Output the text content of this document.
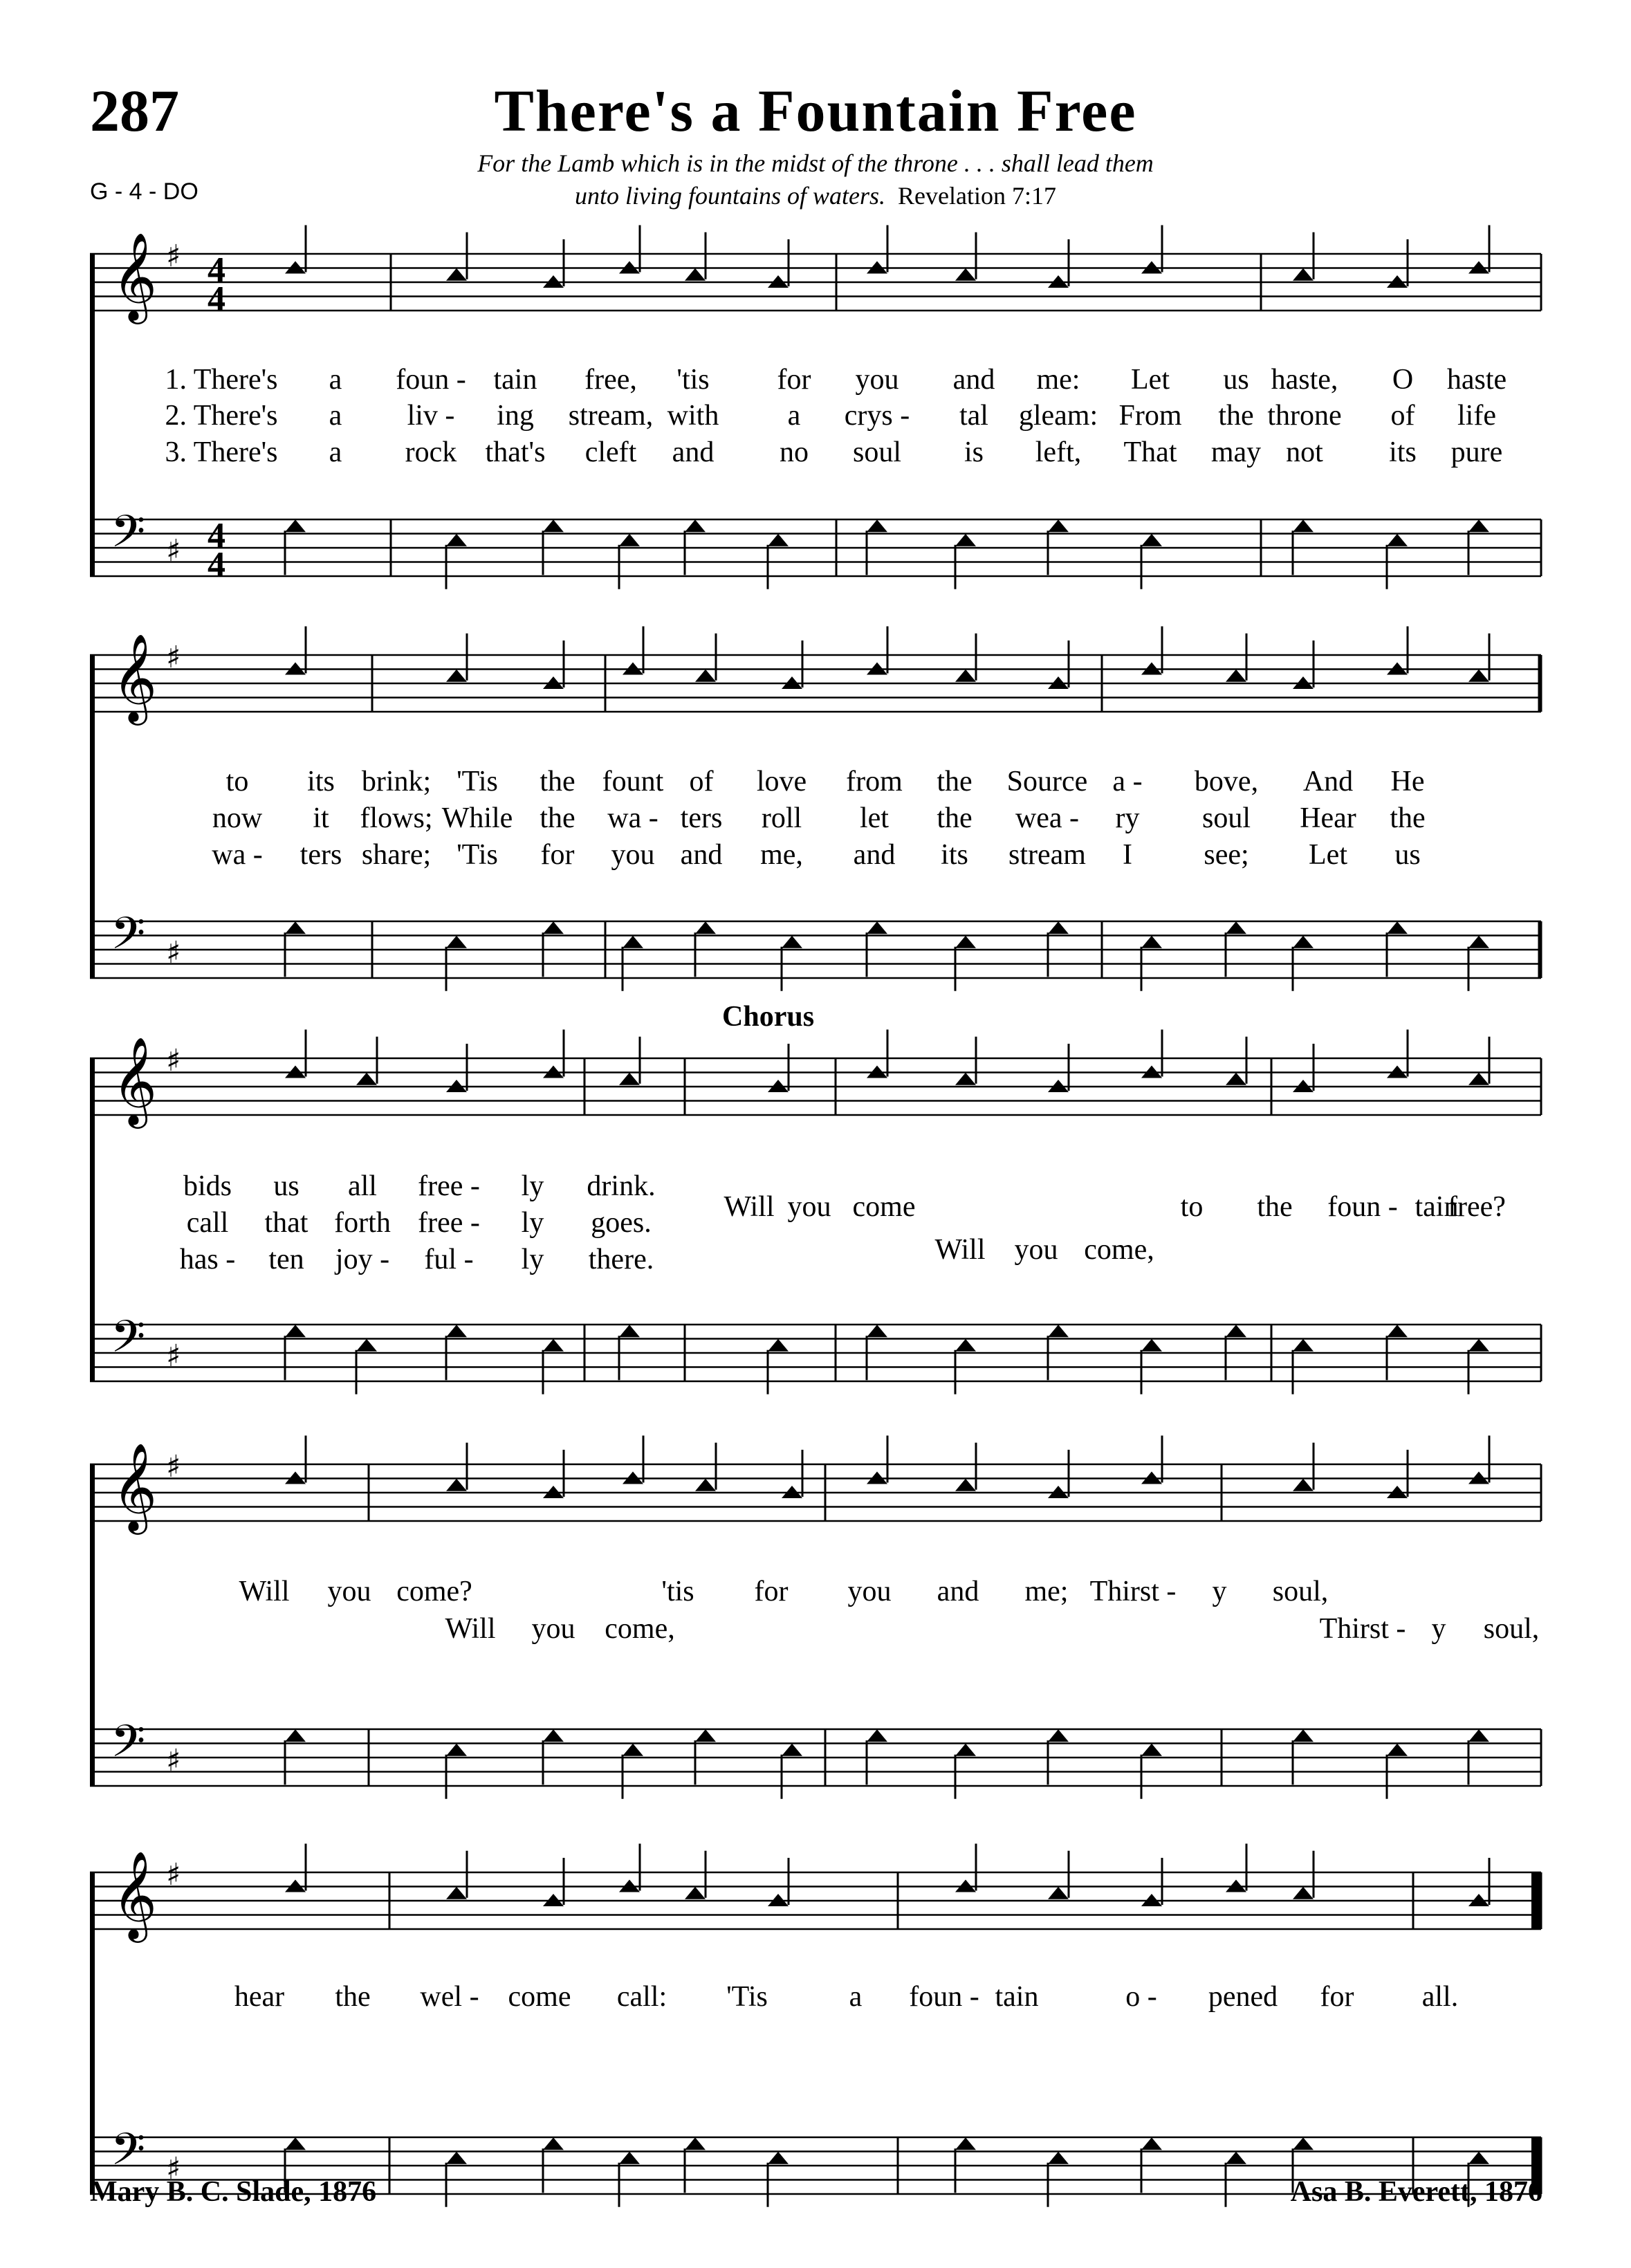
287	There's a Fountain Free
G - 4 - DO
For the Lamb which is in the midst of the throne . . . shall lead them
unto living fountains of waters. Revelation 7:17
𝄞
𝄢
♯
♯
4
4
4
4
𝄞
𝄢
♯
♯
𝄞
𝄢
♯
♯
𝄞
𝄢
♯
♯
𝄞
𝄢
♯
♯
Chorus
1. There's a foun - tain free, 'tis for you and me: Let us haste, O haste
2. There's a liv - ing stream, with a crys - tal gleam: From the throne of life
3. There's a rock that's cleft and no soul is left, That may not its pure
to its brink; 'Tis the fount of love from the Source a - bove, And He
now it flows; While the wa - ters roll let the wea - ry soul Hear the
wa - ters share; 'Tis for you and me, and its stream I see; Let us
bids us all free - ly drink.
call that forth free - ly goes.
has - ten joy - ful - ly there.
Will you come	to the foun - tain
free?
Will you come,
Will you come?	'tis for you and me; Thirst - y soul,
Will you come,	Thirst - y soul,
hear the wel - come call: 'Tis	a foun - tain	o - pened for all.
Mary B. C. Slade, 1876	Asa B. Everett, 1876
